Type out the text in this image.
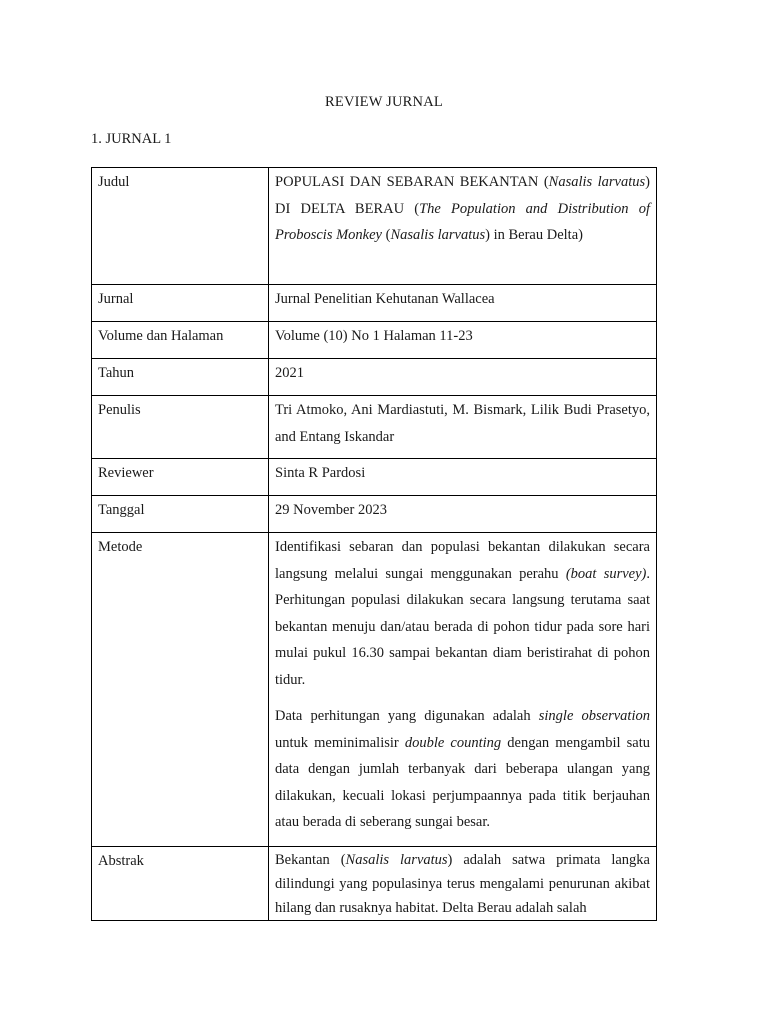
REVIEW JURNAL
1. JURNAL 1
Judul	POPULASI DAN SEBARAN BEKANTAN (Nasalis larvatus) DI DELTA BERAU (The Population and Distribution of Proboscis Monkey (Nasalis larvatus) in Berau Delta)
Jurnal	Jurnal Penelitian Kehutanan Wallacea
Volume dan Halaman	Volume (10) No 1 Halaman 11-23
Tahun	2021
Penulis	Tri Atmoko, Ani Mardiastuti, M. Bismark, Lilik Budi Prasetyo, and Entang Iskandar
Reviewer	Sinta R Pardosi
Tanggal	29 November 2023
Metode	Identifikasi sebaran dan populasi bekantan dilakukan secara langsung melalui sungai menggunakan perahu (boat survey). Perhitungan populasi dilakukan secara langsung terutama saat bekantan menuju dan/atau berada di pohon tidur pada sore hari mulai pukul 16.30 sampai bekantan diam beristirahat di pohon tidur.

Data perhitungan yang digunakan adalah single observation untuk meminimalisir double counting dengan mengambil satu data dengan jumlah terbanyak dari beberapa ulangan yang dilakukan, kecuali lokasi perjumpaannya pada titik berjauhan atau berada di seberang sungai besar.

Abstrak	Bekantan (Nasalis larvatus) adalah satwa primata langka dilindungi yang populasinya terus mengalami penurunan akibat hilang dan rusaknya habitat. Delta Berau adalah salah
